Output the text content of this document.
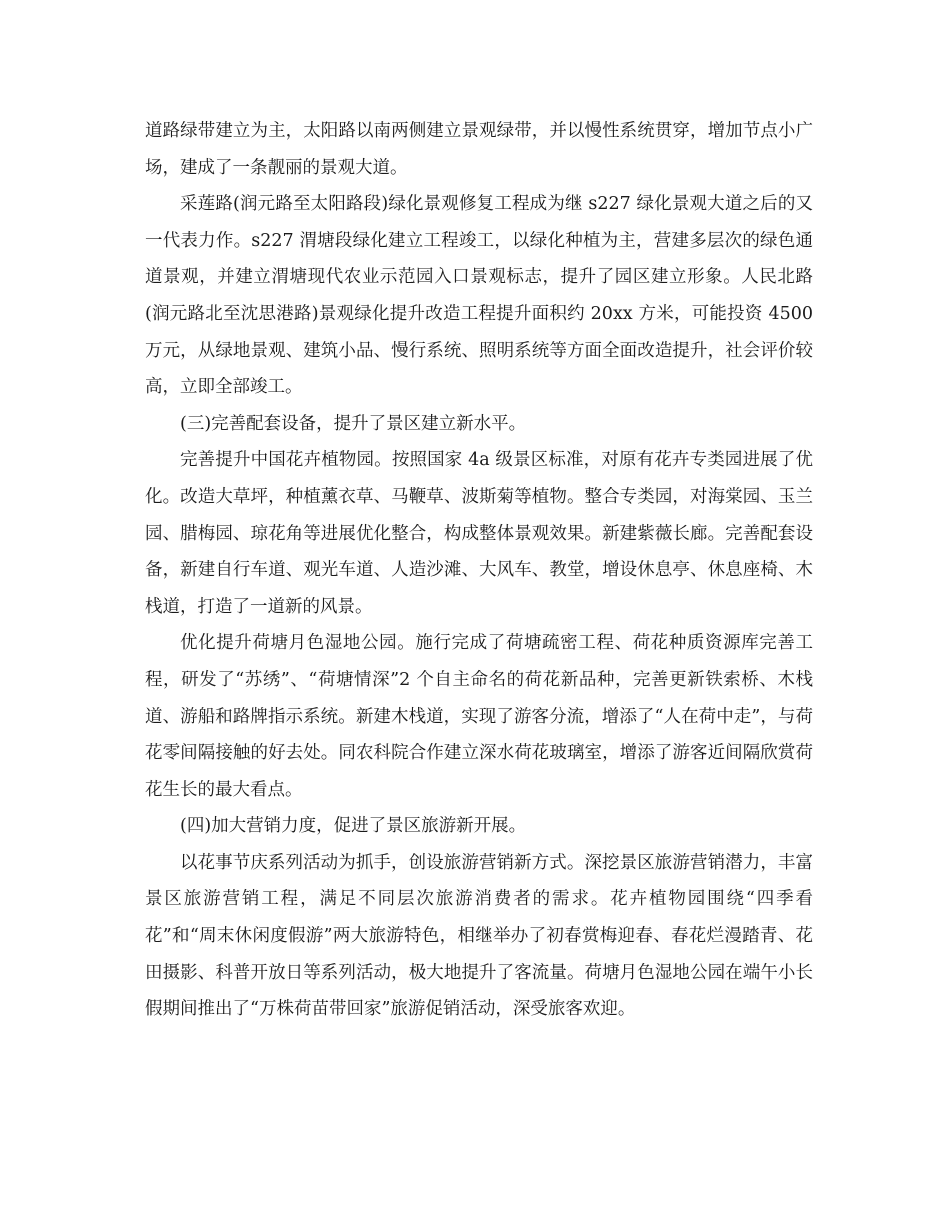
道路绿带建立为主，太阳路以南两侧建立景观绿带，并以慢性系统贯穿，增加节点小广场，建成了一条靓丽的景观大道。

采莲路(润元路至太阳路段)绿化景观修复工程成为继 s227 绿化景观大道之后的又一代表力作。s227 渭塘段绿化建立工程竣工，以绿化种植为主，营建多层次的绿色通道景观，并建立渭塘现代农业示范园入口景观标志，提升了园区建立形象。人民北路(润元路北至沈思港路)景观绿化提升改造工程提升面积约 20xx 方米，可能投资 4500 万元，从绿地景观、建筑小品、慢行系统、照明系统等方面全面改造提升，社会评价较高，立即全部竣工。

(三)完善配套设备，提升了景区建立新水平。

完善提升中国花卉植物园。按照国家 4a 级景区标准，对原有花卉专类园进展了优化。改造大草坪，种植薰衣草、马鞭草、波斯菊等植物。整合专类园，对海棠园、玉兰园、腊梅园、琼花角等进展优化整合，构成整体景观效果。新建紫薇长廊。完善配套设备，新建自行车道、观光车道、人造沙滩、大风车、教堂，增设休息亭、休息座椅、木栈道，打造了一道新的风景。

优化提升荷塘月色湿地公园。施行完成了荷塘疏密工程、荷花种质资源库完善工程，研发了“苏绣”、“荷塘情深”2 个自主命名的荷花新品种，完善更新铁索桥、木栈道、游船和路牌指示系统。新建木栈道，实现了游客分流，增添了“人在荷中走”，与荷花零间隔接触的好去处。同农科院合作建立深水荷花玻璃室，增添了游客近间隔欣赏荷花生长的最大看点。

(四)加大营销力度，促进了景区旅游新开展。

以花事节庆系列活动为抓手，创设旅游营销新方式。深挖景区旅游营销潜力，丰富景区旅游营销工程，满足不同层次旅游消费者的需求。花卉植物园围绕“四季看花”和“周末休闲度假游”两大旅游特色，相继举办了初春赏梅迎春、春花烂漫踏青、花田摄影、科普开放日等系列活动，极大地提升了客流量。荷塘月色湿地公园在端午小长假期间推出了“万株荷苗带回家”旅游促销活动，深受旅客欢迎。
